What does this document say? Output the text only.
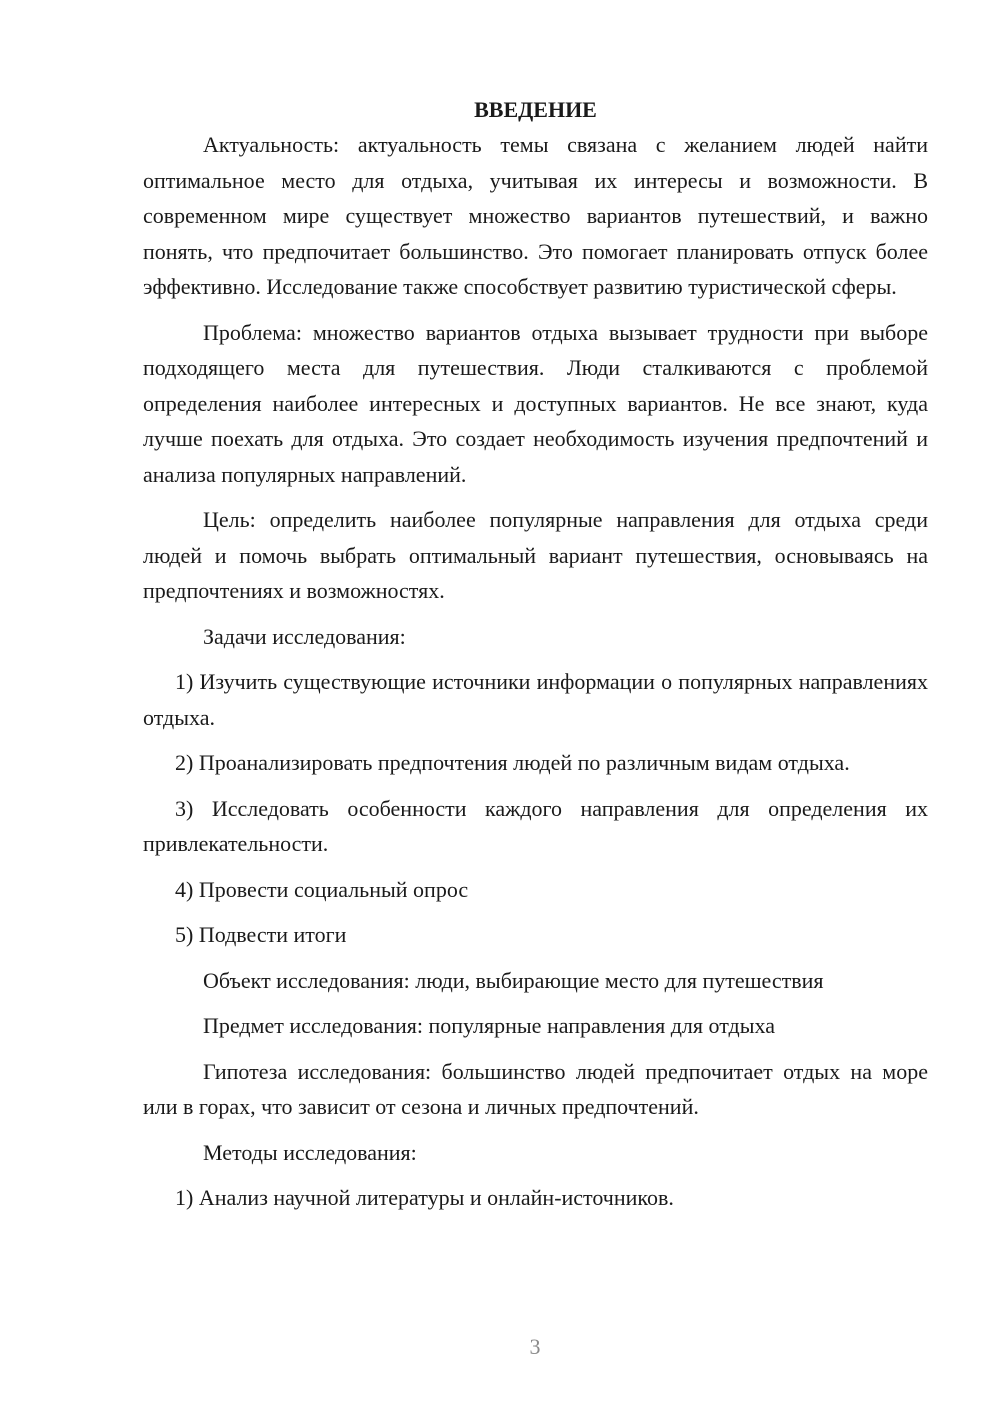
ВВЕДЕНИЕ

Актуальность: актуальность темы связана с желанием людей найти оптимальное место для отдыха, учитывая их интересы и возможности. В современном мире существует множество вариантов путешествий, и важно понять, что предпочитает большинство. Это помогает планировать отпуск более эффективно. Исследование также способствует развитию туристической сферы.

Проблема: множество вариантов отдыха вызывает трудности при выборе подходящего места для путешествия. Люди сталкиваются с проблемой определения наиболее интересных и доступных вариантов. Не все знают, куда лучше поехать для отдыха. Это создает необходимость изучения предпочтений и анализа популярных направлений.

Цель: определить наиболее популярные направления для отдыха среди людей и помочь выбрать оптимальный вариант путешествия, основываясь на предпочтениях и возможностях.

Задачи исследования:

1) Изучить существующие источники информации о популярных направлениях отдыха.

2) Проанализировать предпочтения людей по различным видам отдыха.

3) Исследовать особенности каждого направления для определения их привлекательности.

4) Провести социальный опрос

5) Подвести итоги

Объект исследования: люди, выбирающие место для путешествия

Предмет исследования: популярные направления для отдыха

Гипотеза исследования: большинство людей предпочитает отдых на море или в горах, что зависит от сезона и личных предпочтений.

Методы исследования:

1) Анализ научной литературы и онлайн-источников.

3
